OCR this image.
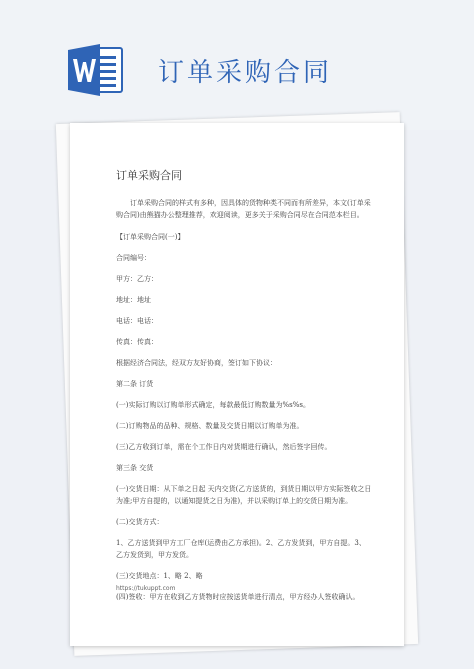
订单采购合同

订单采购合同

订单采购合同的样式有多种，因具体的货物种类不同而有所差异，本文(订单采购合同)由熊猫办公整理推荐，欢迎阅读，更多关于采购合同尽在合同范本栏目。

【订单采购合同(一)】

合同编号：

甲方：乙方：

地址：地址

电话：电话：

传真：传真：

根据经济合同法，经双方友好协商，签订如下协议：

第二条 订货

(一)实际订购以订购单形式确定，每款最低订购数量为%s%s。

(二)订购物品的品种、规格、数量及交货日期以订购单为准。

(三)乙方收到订单，需在个工作日内对货期进行确认，然后签字回传。

第三条 交货

(一)交货日期：从下单之日起 天内交货(乙方送货的，到货日期以甲方实际签收之日为准;甲方自提的，以通知提货之日为准)，并以采购订单上的交货日期为准。

(二)交货方式：

1、乙方送货到甲方工厂仓库(运费由乙方承担)。2、乙方发货到，甲方自提。3、乙方发货到，甲方发货。

(三)交货地点：1、略 2、略

(四)签收：甲方在收到乙方货物时应按送货单进行清点，甲方经办人签收确认。

https://tukuppt.com
